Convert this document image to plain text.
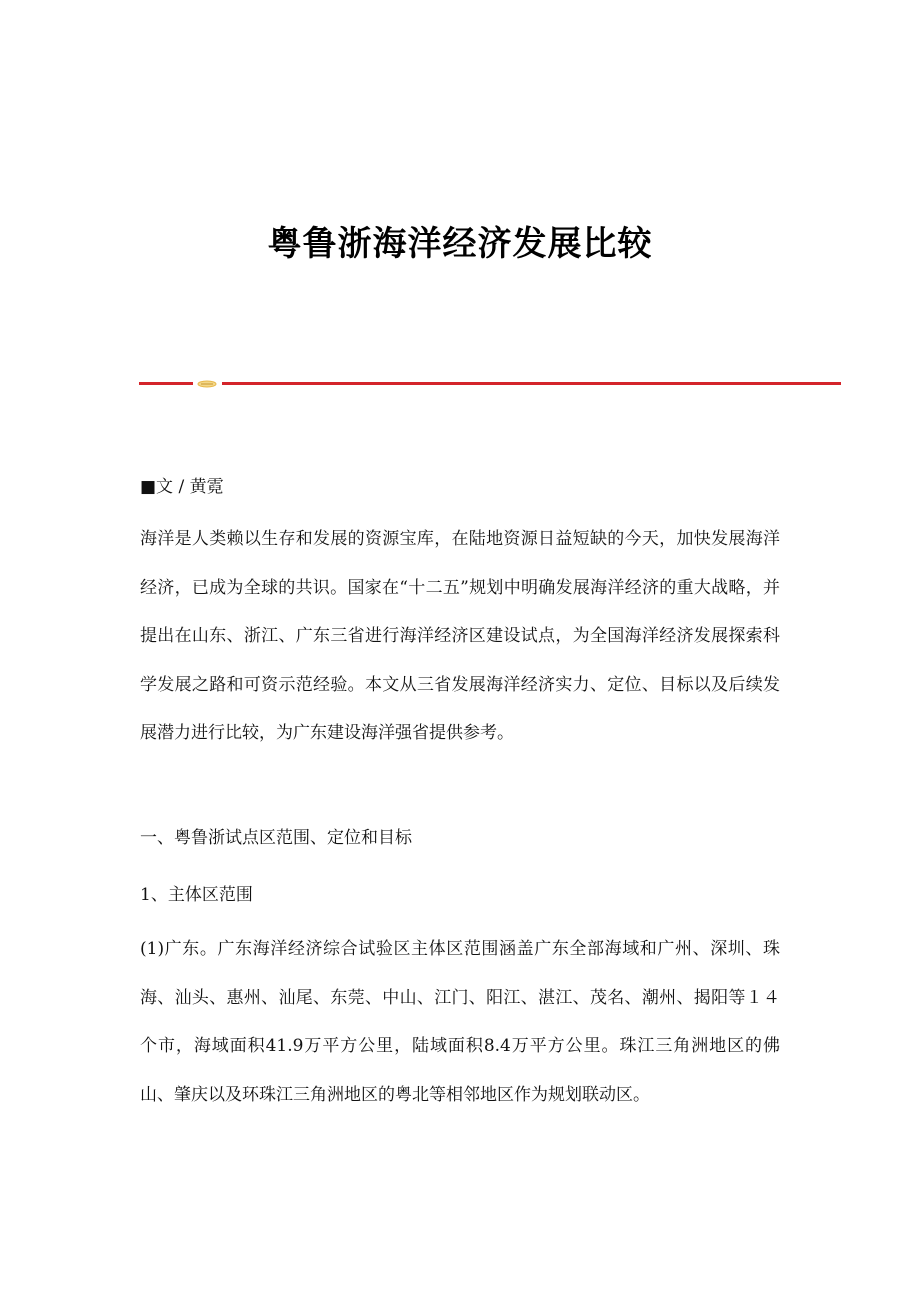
粤鲁浙海洋经济发展比较
■文 / 黄霓

海洋是人类赖以生存和发展的资源宝库，在陆地资源日益短缺的今天，加快发展海洋经济，已成为全球的共识。国家在“十二五”规划中明确发展海洋经济的重大战略，并提出在山东、浙江、广东三省进行海洋经济区建设试点，为全国海洋经济发展探索科学发展之路和可资示范经验。本文从三省发展海洋经济实力、定位、目标以及后续发展潜力进行比较，为广东建设海洋强省提供参考。

一、粤鲁浙试点区范围、定位和目标
1、主体区范围

(1)广东。广东海洋经济综合试验区主体区范围涵盖广东全部海域和广州、深圳、珠海、汕头、惠州、汕尾、东莞、中山、江门、阳江、湛江、茂名、潮州、揭阳等１４个市，海域面积41.9万平方公里，陆域面积8.4万平方公里。珠江三角洲地区的佛山、肇庆以及环珠江三角洲地区的粤北等相邻地区作为规划联动区。
